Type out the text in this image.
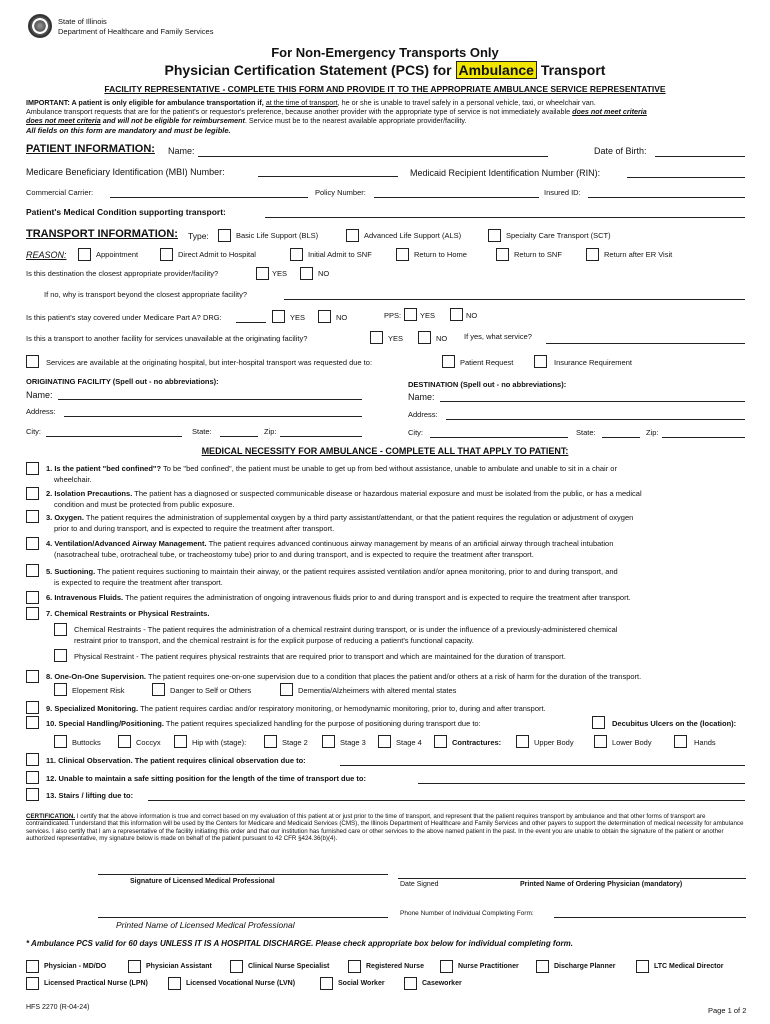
State of Illinois
Department of Healthcare and Family Services
For Non-Emergency Transports Only
Physician Certification Statement (PCS) for Ambulance Transport
FACILITY REPRESENTATIVE - COMPLETE THIS FORM AND PROVIDE IT TO THE APPROPRIATE AMBULANCE SERVICE REPRESENTATIVE
IMPORTANT: A patient is only eligible for ambulance transportation if, at the time of transport, he or she is unable to travel safely in a personal vehicle, taxi, or wheelchair van.
Ambulance transport requests that are for the patient's or requestor's preference, because another provider with the appropriate type of service is not immediately available does not meet criteria
does not meet criteria and will not be eligible for reimbursement. Service must be to the nearest available appropriate provider/facility.
All fields on this form are mandatory and must be legible.
PATIENT INFORMATION: Name:	Date of Birth:
Medicare Beneficiary Identification (MBI) Number:	Medicaid Recipient Identification Number (RIN):
Commercial Carrier:	Policy Number:	Insured ID:
Patient's Medical Condition supporting transport:
TRANSPORT INFORMATION: Type:	Basic Life Support (BLS)	Advanced Life Support (ALS)	Specialty Care Transport (SCT)
REASON:	Appointment	Direct Admit to Hospital	Initial Admit to SNF	Return to Home	Return to SNF	Return after ER Visit
Is this destination the closest appropriate provider/facility?	YES	NO
If no, why is transport beyond the closest appropriate facility?
Is this patient's stay covered under Medicare Part A? DRG:	YES	NO	PPS:	YES	NO
Is this a transport to another facility for services unavailable at the originating facility?	YES	NO If yes, what service?
Services are available at the originating hospital, but inter-hospital transport was requested due to:	Patient Request	Insurance Requirement
ORIGINATING FACILITY (Spell out - no abbreviations):
Name:
Address:
City:	State:	Zip:
DESTINATION (Spell out - no abbreviations):
Name:
Address:
City:	State:	Zip:
MEDICAL NECESSITY FOR AMBULANCE - COMPLETE ALL THAT APPLY TO PATIENT:
1. Is the patient "bed confined"? To be "bed confined", the patient must be unable to get up from bed without assistance, unable to ambulate and unable to sit in a chair or
wheelchair.
2. Isolation Precautions. The patient has a diagnosed or suspected communicable disease or hazardous material exposure and must be isolated from the public, or has a medical
condition and must be protected from public exposure.
3. Oxygen. The patient requires the administration of supplemental oxygen by a third party assistant/attendant, or that the patient requires the regulation or adjustment of oxygen
prior to and during transport, and is expected to require the treatment after transport.
4. Ventilation/Advanced Airway Management. The patient requires advanced continuous airway management by means of an artificial airway through tracheal intubation
(nasotracheal tube, orotracheal tube, or tracheostomy tube) prior to and during transport, and is expected to require the treatment after transport.
5. Suctioning. The patient requires suctioning to maintain their airway, or the patient requires assisted ventilation and/or apnea monitoring, prior to and during transport, and
is expected to require the treatment after transport.
6. Intravenous Fluids. The patient requires the administration of ongoing intravenous fluids prior to and during transport and is expected to require the treatment after transport.
7. Chemical Restraints or Physical Restraints.
Chemical Restraints - The patient requires the administration of a chemical restraint during transport, or is under the influence of a previously-administered chemical
restraint prior to transport, and the chemical restraint is for the explicit purpose of reducing a patient's functional capacity.
Physical Restraint - The patient requires physical restraints that are required prior to transport and which are maintained for the duration of transport.
8. One-On-One Supervision. The patient requires one-on-one supervision due to a condition that places the patient and/or others at a risk of harm for the duration of the transport.
Elopement Risk	Danger to Self or Others	Dementia/Alzheimers with altered mental states
9. Specialized Monitoring. The patient requires cardiac and/or respiratory monitoring, or hemodynamic monitoring, prior to, during and after transport.
10. Special Handling/Positioning. The patient requires specialized handling for the purpose of positioning during transport due to:	Decubitus Ulcers on the (location):
Buttocks	Coccyx	Hip with (stage):	Stage 2	Stage 3	Stage 4	Contractures:	Upper Body	Lower Body	Hands
11. Clinical Observation. The patient requires clinical observation due to:
12. Unable to maintain a safe sitting position for the length of the time of transport due to:
13. Stairs / lifting due to:
CERTIFICATION. I certify that the above information is true and correct based on my evaluation of this patient at or just prior to the time of transport, and represent that the patient requires transport by ambulance and that other forms of transport are contraindicated. I understand that this information will be used by the Centers for Medicare and Medicaid Services (CMS), the Illinois Department of Healthcare and Family Services and other payers to support the determination of medical necessity for ambulance services. I also certify that I am a representative of the facility initiating this order and that our institution has furnished care or other services to the above named patient in the past. In the event you are unable to obtain the signature of the patient or another authorized representative, my signature below is made on behalf of the patient pursuant to 42 CFR §424.36(b)(4).
Signature of Licensed Medical Professional	Date Signed	Printed Name of Ordering Physician (mandatory)
Phone Number of Individual Completing Form:
Printed Name of Licensed Medical Professional
* Ambulance PCS valid for 60 days UNLESS IT IS A HOSPITAL DISCHARGE. Please check appropriate box below for individual completing form.
Physician - MD/DO	Physician Assistant	Clinical Nurse Specialist	Registered Nurse	Nurse Practitioner	Discharge Planner	LTC Medical Director
Licensed Practical Nurse (LPN)	Licensed Vocational Nurse (LVN)	Social Worker	Caseworker
HFS 2270 (R-04-24)	Page 1 of 2
